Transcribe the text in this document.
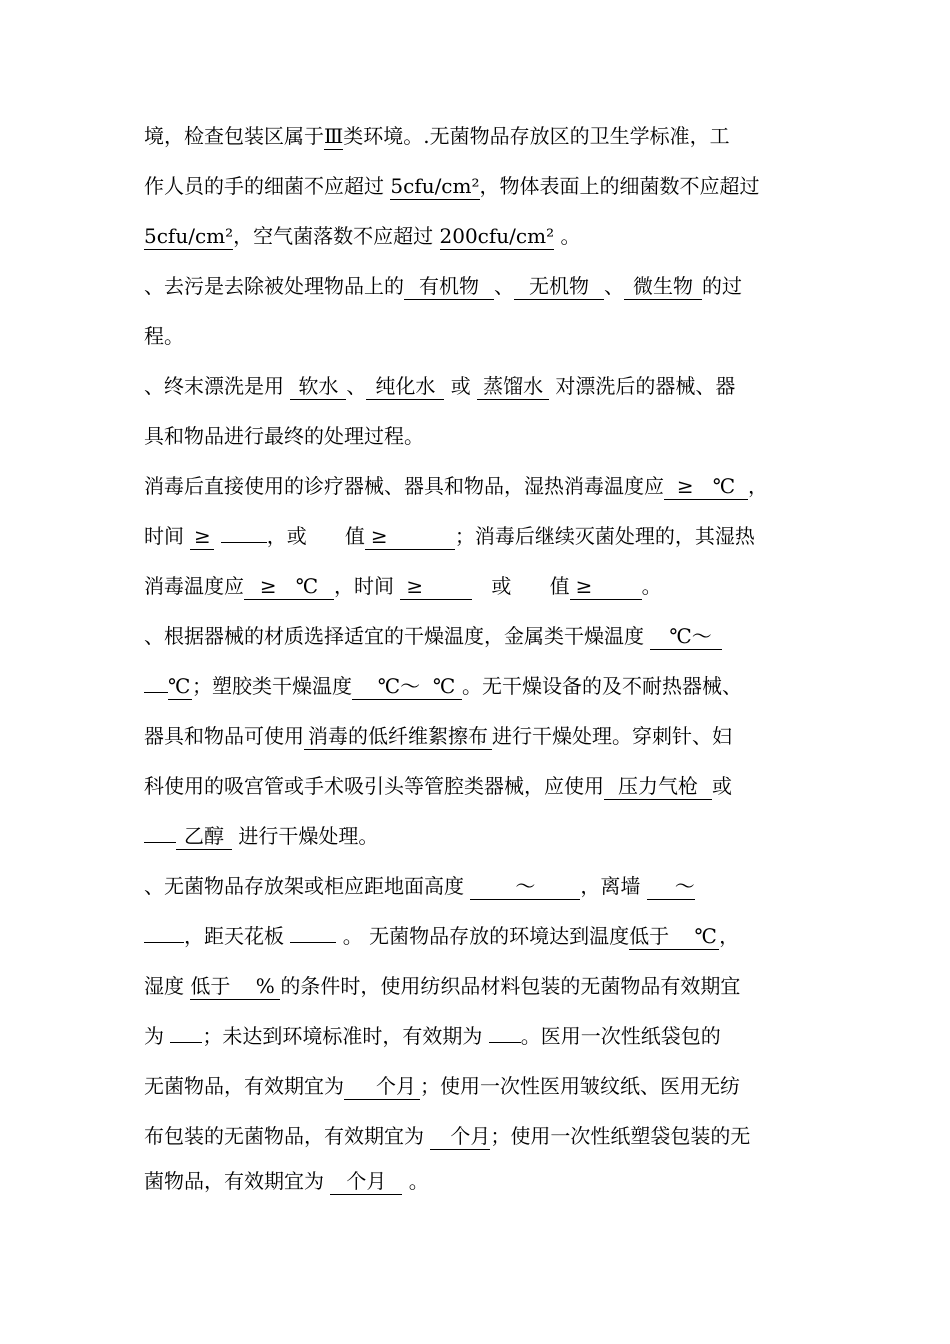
境，检查包装区属于Ⅲ类环境。.无菌物品存放区的卫生学标准，工
作人员的手的细菌不应超过 5cfu/cm²，物体表面上的细菌数不应超过
5cfu/cm²，空气菌落数不应超过 200cfu/cm² 。
、去污是去除被处理物品上的 有机物 、 无机物 、 微生物 的过
程。
、终末漂洗是用 软水 、 纯化水 或 蒸馏水 对漂洗后的器械、器
具和物品进行最终的处理过程。
消毒后直接使用的诊疗器械、器具和物品，湿热消毒温度应 ≥   ℃ ，
时间 ≥	，或      值 ≥	；消毒后继续灭菌处理的，其湿热
消毒温度应 ≥   ℃ ，时间 ≥   或      值 ≥ 。
、根据器械的材质选择适宜的干燥温度，金属类干燥温度    ℃～
℃；塑胶类干燥温度   ℃～  ℃ 。无干燥设备的及不耐热器械、
器具和物品可使用 消毒的低纤维絮擦布 进行干燥处理。穿刺针、妇
科使用的吸宫管或手术吸引头等管腔类器械，应使用 压力气枪 或
乙醇 进行干燥处理。
、无菌物品存放架或柜应距地面高度 ～ ，离墙 ～
，距天花板  。 无菌物品存放的环境达到温度低于    ℃ ，
湿度 低于    % 的条件时，使用纺织品材料包装的无菌物品有效期宜
为 ；未达到环境标准时，有效期为 。医用一次性纸袋包的
无菌物品，有效期宜为 个月 ；使用一次性医用皱纹纸、医用无纺
布包装的无菌物品，有效期宜为 个月；使用一次性纸塑袋包装的无
菌物品，有效期宜为 个月 。
